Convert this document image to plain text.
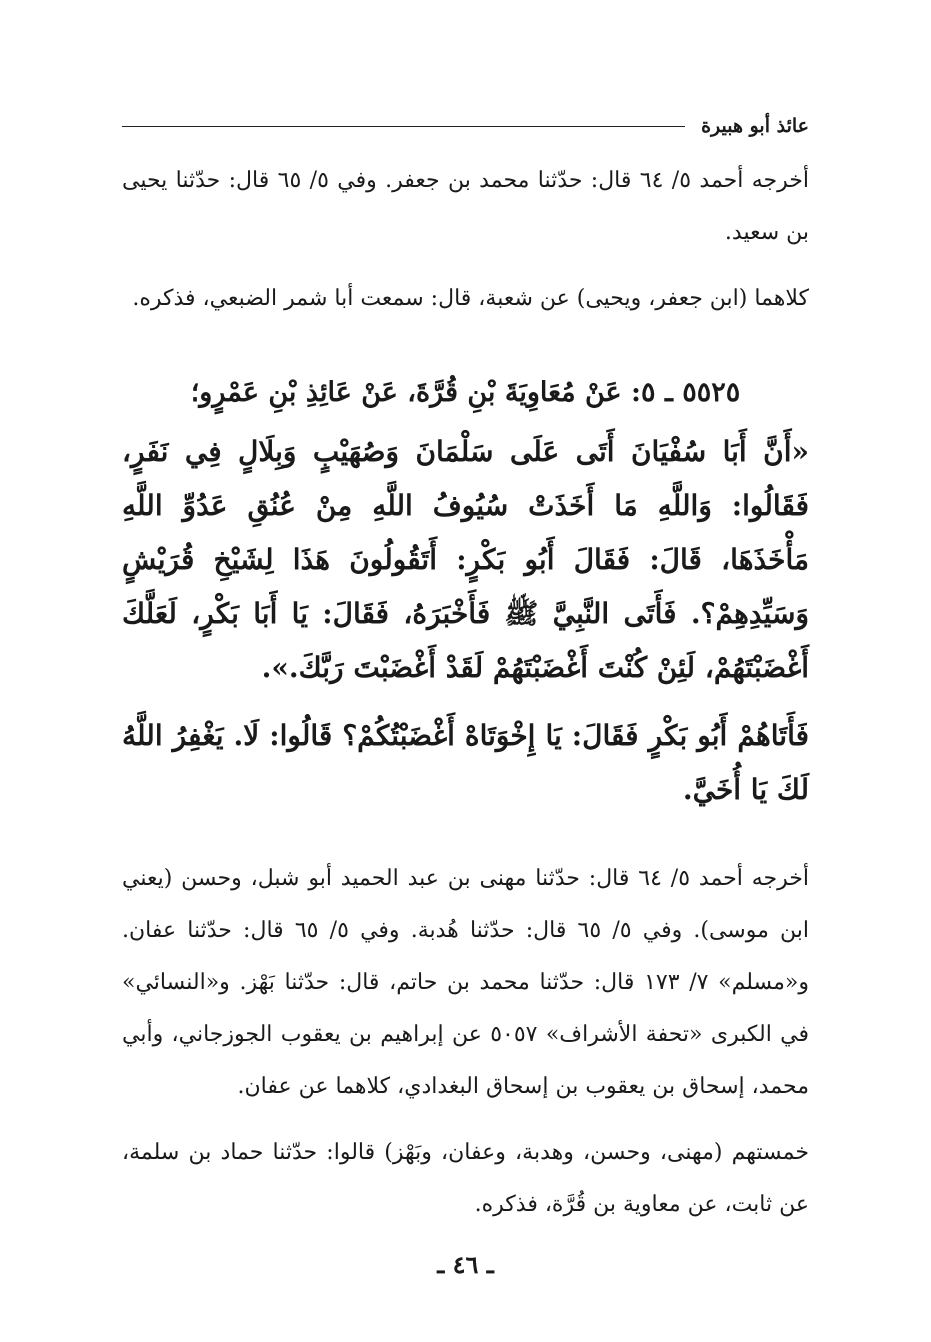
عائذ أبو هبيرة

أخرجه أحمد ٥/ ٦٤ قال: حدّثنا محمد بن جعفر. وفي ٥/ ٦٥ قال: حدّثنا يحيى بن سعيد.

كلاهما (ابن جعفر، ويحيى) عن شعبة، قال: سمعت أبا شمر الضبعي، فذكره.

٥٥٢٥ ـ ٥: عَنْ مُعَاوِيَةَ بْنِ قُرَّةَ، عَنْ عَائِذِ بْنِ عَمْرٍو؛

«أَنَّ أَبَا سُفْيَانَ أَتَى عَلَى سَلْمَانَ وَصُهَيْبٍ وَبِلَالٍ فِي نَفَرٍ، فَقَالُوا: وَاللَّهِ مَا أَخَذَتْ سُيُوفُ اللَّهِ مِنْ عُنُقِ عَدُوِّ اللَّهِ مَأْخَذَهَا، قَالَ: فَقَالَ أَبُو بَكْرٍ: أَتَقُولُونَ هَذَا لِشَيْخِ قُرَيْشٍ وَسَيِّدِهِمْ؟. فَأَتَى النَّبِيَّ ﷺ فَأَخْبَرَهُ، فَقَالَ: يَا أَبَا بَكْرٍ، لَعَلَّكَ أَغْضَبْتَهُمْ، لَئِنْ كُنْتَ أَغْضَبْتَهُمْ لَقَدْ أَغْضَبْتَ رَبَّكَ.».

فَأَتَاهُمْ أَبُو بَكْرٍ فَقَالَ: يَا إِخْوَتَاهْ أَغْضَبْتُكُمْ؟ قَالُوا: لَا. يَغْفِرُ اللَّهُ لَكَ يَا أُخَيَّ.

أخرجه أحمد ٥/ ٦٤ قال: حدّثنا مهنى بن عبد الحميد أبو شبل، وحسن (يعني ابن موسى). وفي ٥/ ٦٥ قال: حدّثنا هُدبة. وفي ٥/ ٦٥ قال: حدّثنا عفان. و«مسلم» ٧/ ١٧٣ قال: حدّثنا محمد بن حاتم، قال: حدّثنا بَهْز. و«النسائي» في الكبرى «تحفة الأشراف» ٥٠٥٧ عن إبراهيم بن يعقوب الجوزجاني، وأبي محمد، إسحاق بن يعقوب بن إسحاق البغدادي، كلاهما عن عفان.

خمستهم (مهنى، وحسن، وهدبة، وعفان، وبَهْز) قالوا: حدّثنا حماد بن سلمة، عن ثابت، عن معاوية بن قُرَّة، فذكره.

ـ ٤٦ ـ
